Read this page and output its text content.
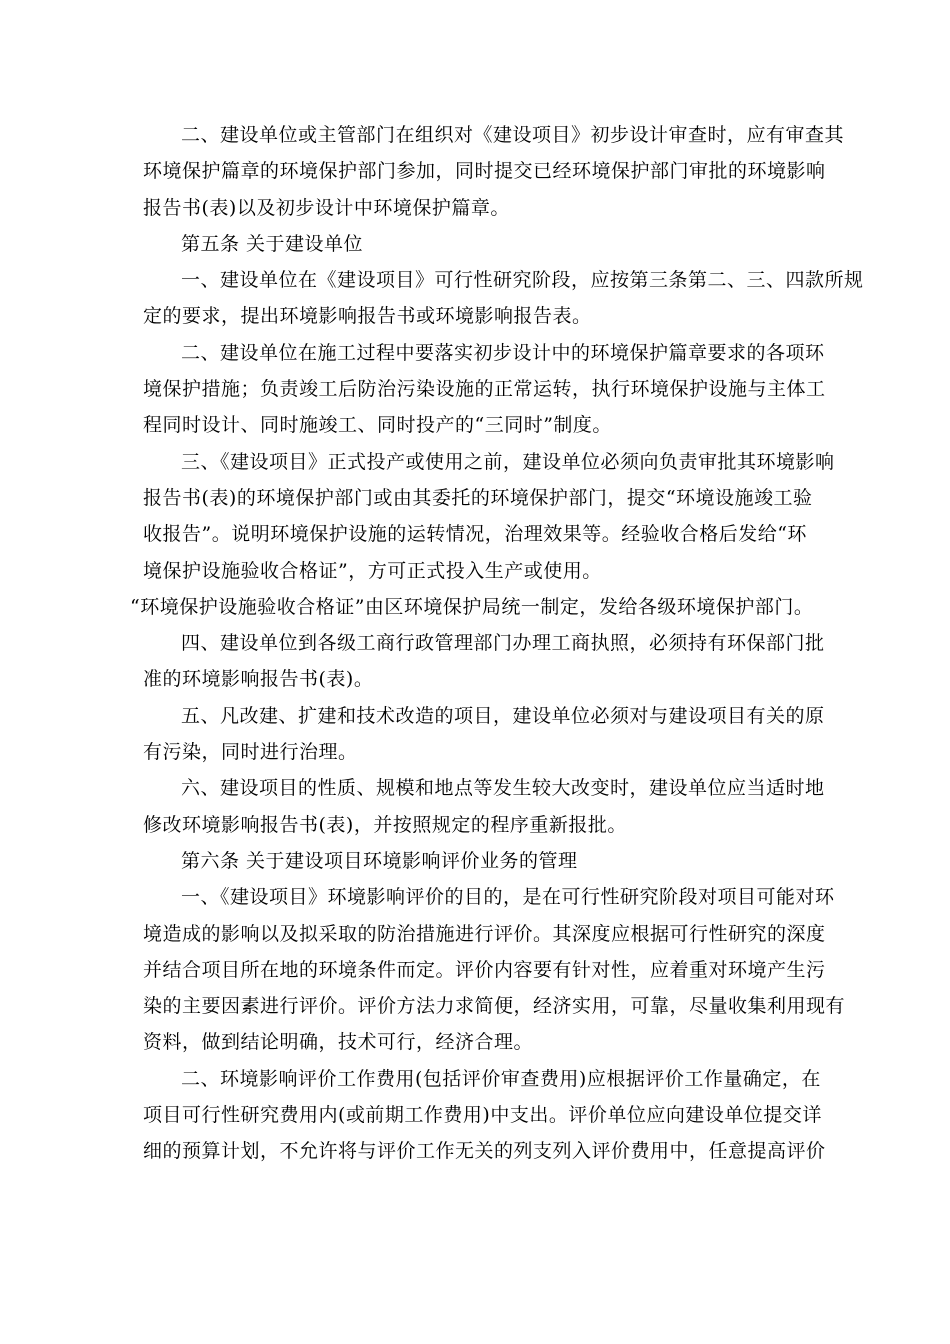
二、建设单位或主管部门在组织对《建设项目》初步设计审查时，应有审查其
环境保护篇章的环境保护部门参加，同时提交已经环境保护部门审批的环境影响
报告书(表)以及初步设计中环境保护篇章。
第五条 关于建设单位
一、建设单位在《建设项目》可行性研究阶段，应按第三条第二、三、四款所规
定的要求，提出环境影响报告书或环境影响报告表。
二、建设单位在施工过程中要落实初步设计中的环境保护篇章要求的各项环
境保护措施；负责竣工后防治污染设施的正常运转，执行环境保护设施与主体工
程同时设计、同时施竣工、同时投产的“三同时”制度。
三、《建设项目》正式投产或使用之前，建设单位必须向负责审批其环境影响
报告书(表)的环境保护部门或由其委托的环境保护部门，提交“环境设施竣工验
收报告”。说明环境保护设施的运转情况，治理效果等。经验收合格后发给“环
境保护设施验收合格证”，方可正式投入生产或使用。
“环境保护设施验收合格证”由区环境保护局统一制定，发给各级环境保护部门。
四、建设单位到各级工商行政管理部门办理工商执照，必须持有环保部门批
准的环境影响报告书(表)。
五、凡改建、扩建和技术改造的项目，建设单位必须对与建设项目有关的原
有污染，同时进行治理。
六、建设项目的性质、规模和地点等发生较大改变时，建设单位应当适时地
修改环境影响报告书(表)，并按照规定的程序重新报批。
第六条 关于建设项目环境影响评价业务的管理
一、《建设项目》环境影响评价的目的，是在可行性研究阶段对项目可能对环
境造成的影响以及拟采取的防治措施进行评价。其深度应根据可行性研究的深度
并结合项目所在地的环境条件而定。评价内容要有针对性，应着重对环境产生污
染的主要因素进行评价。评价方法力求简便，经济实用，可靠，尽量收集利用现有
资料，做到结论明确，技术可行，经济合理。
二、环境影响评价工作费用(包括评价审查费用)应根据评价工作量确定，在
项目可行性研究费用内(或前期工作费用)中支出。评价单位应向建设单位提交详
细的预算计划，不允许将与评价工作无关的列支列入评价费用中，任意提高评价
